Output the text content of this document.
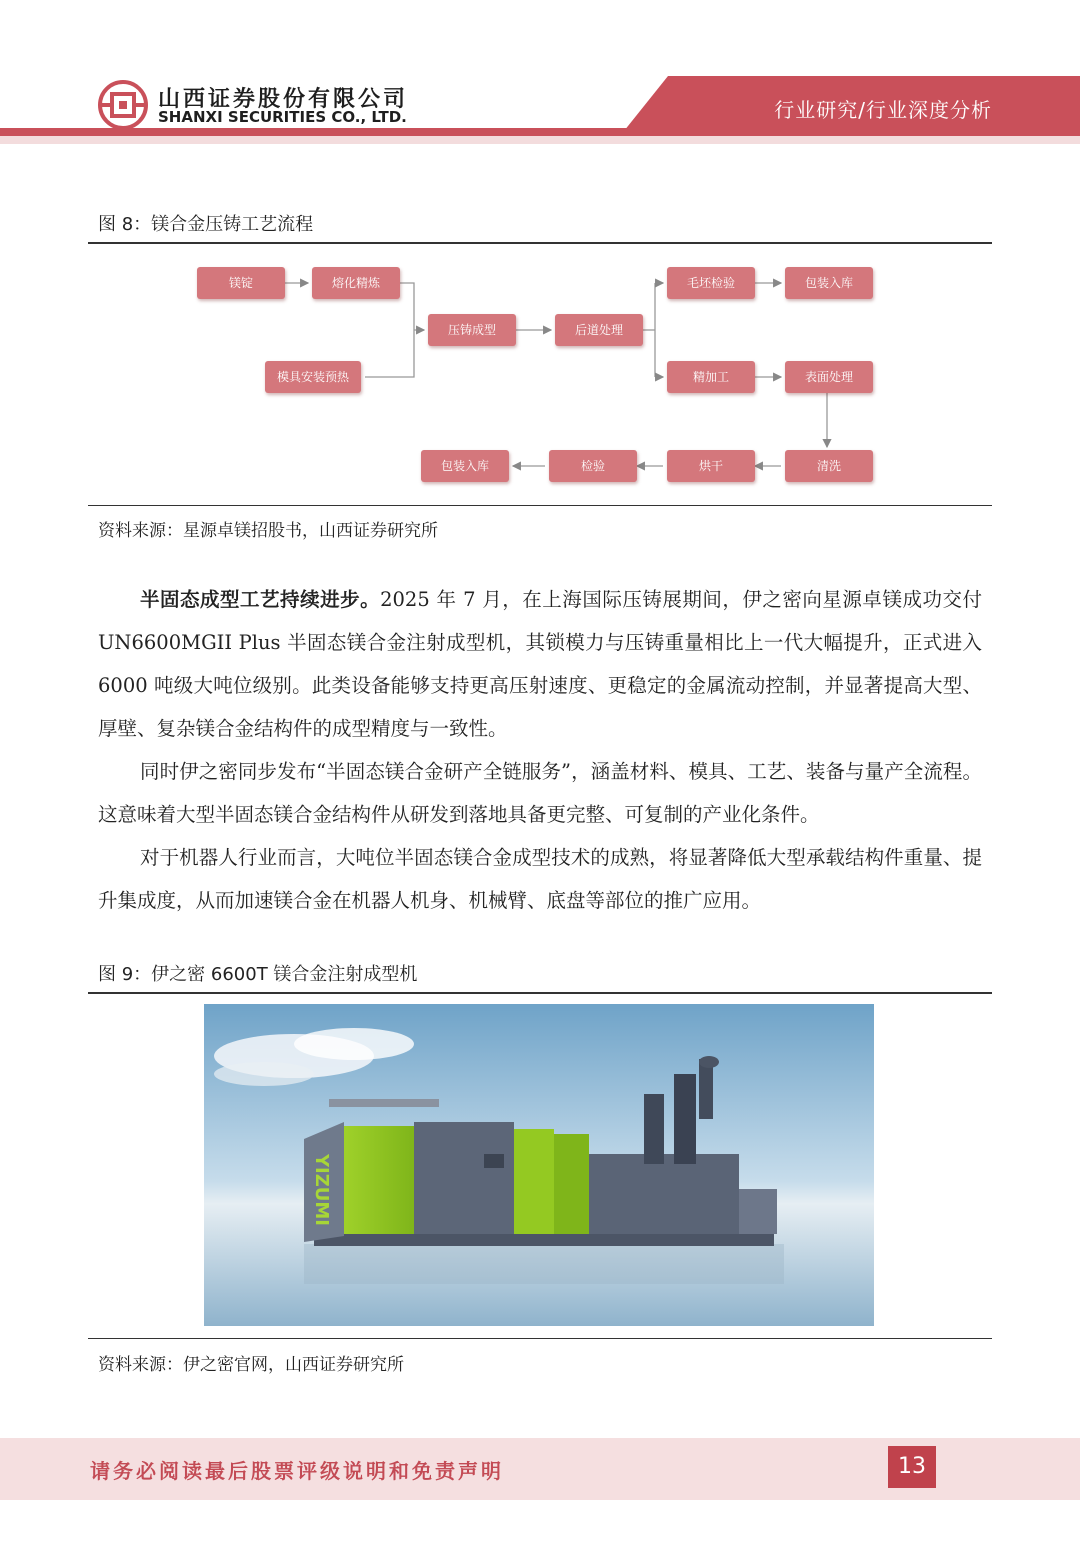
山西证券股份有限公司
SHANXI SECURITIES CO., LTD.	行业研究/行业深度分析
图 8：镁合金压铸工艺流程
镁锭	熔化精炼
模具安装预热
压铸成型	后道处理
毛坯检验	包装入库
精加工	表面处理
清洗
烘干
检验
包装入库
资料来源：星源卓镁招股书，山西证券研究所
半固态成型工艺持续进步。2025 年 7 月，在上海国际压铸展期间，伊之密向星源卓镁成功交付 UN6600MGII Plus 半固态镁合金注射成型机，其锁模力与压铸重量相比上一代大幅提升，正式进入 6000 吨级大吨位级别。此类设备能够支持更高压射速度、更稳定的金属流动控制，并显著提高大型、厚壁、复杂镁合金结构件的成型精度与一致性。
同时伊之密同步发布“半固态镁合金研产全链服务”，涵盖材料、模具、工艺、装备与量产全流程。这意味着大型半固态镁合金结构件从研发到落地具备更完整、可复制的产业化条件。
对于机器人行业而言，大吨位半固态镁合金成型技术的成熟，将显著降低大型承载结构件重量、提升集成度，从而加速镁合金在机器人机身、机械臂、底盘等部位的推广应用。
图 9：伊之密 6600T 镁合金注射成型机
YIZUMI
资料来源：伊之密官网，山西证券研究所
请务必阅读最后股票评级说明和免责声明	13
